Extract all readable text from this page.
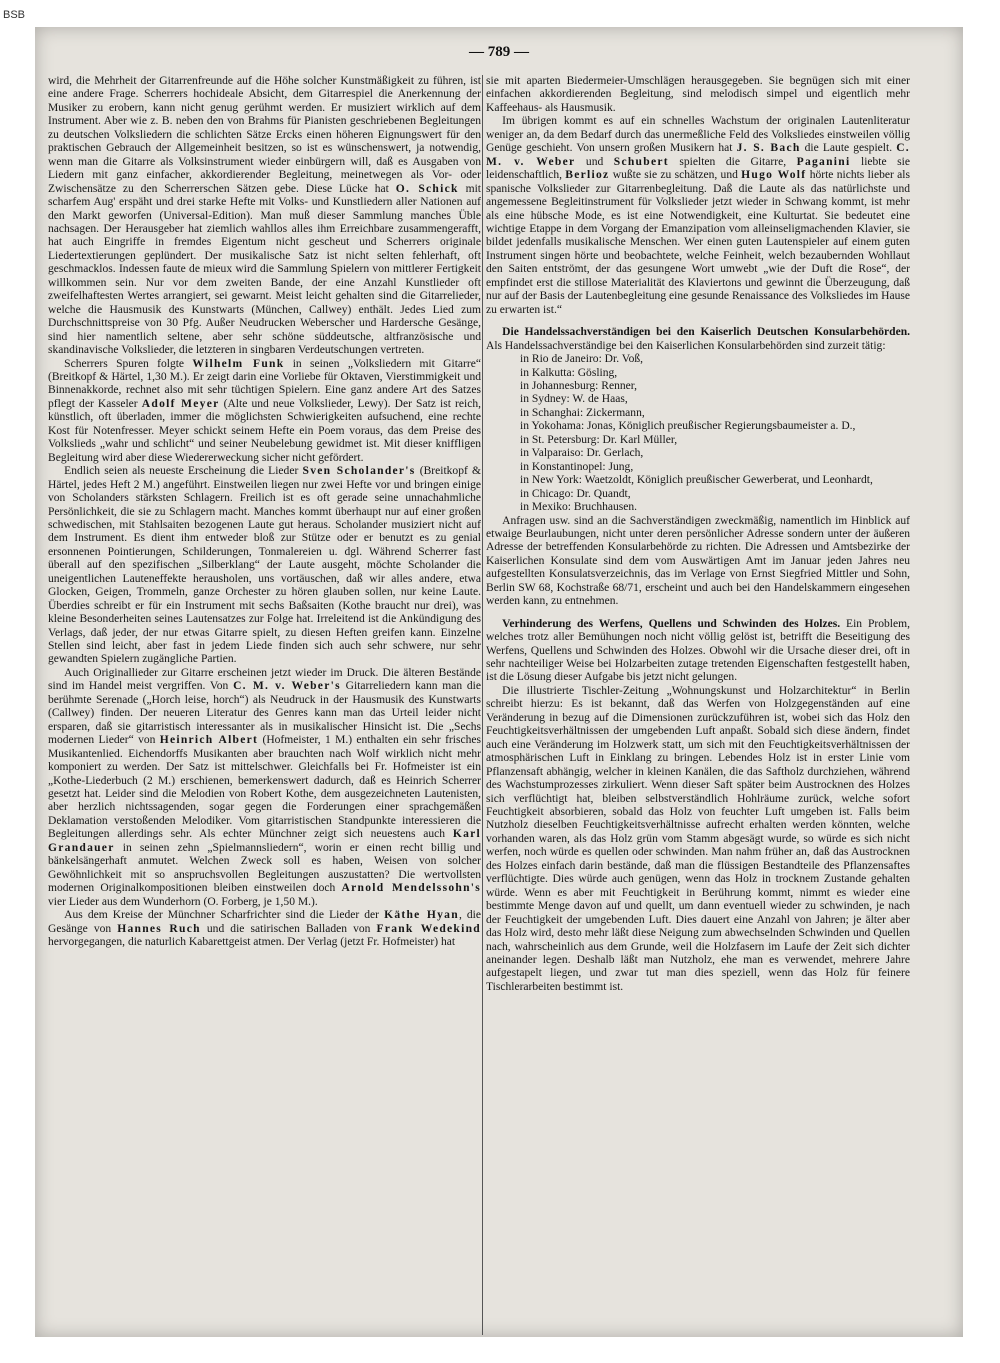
BSB
— 789 —

wird, die Mehrheit der Gitarrenfreunde auf die Höhe solcher Kunstmäßigkeit zu führen, ist eine andere Frage. Scherrers hochideale Absicht, dem Gitarrespiel die Anerkennung der Musiker zu erobern, kann nicht genug gerühmt werden. Er musiziert wirklich auf dem Instrument. Aber wie z. B. neben den von Brahms für Pianisten geschriebenen Begleitungen zu deutschen Volksliedern die schlichten Sätze Ercks einen höheren Eignungswert für den praktischen Gebrauch der Allgemeinheit besitzen, so ist es wünschenswert, ja notwendig, wenn man die Gitarre als Volksinstrument wieder einbürgern will, daß es Ausgaben von Liedern mit ganz einfacher, akkordierender Begleitung, meinetwegen als Vor- oder Zwischensätze zu den Scherrerschen Sätzen gebe. Diese Lücke hat O. Schick mit scharfem Aug' erspäht und drei starke Hefte mit Volks- und Kunstliedern aller Nationen auf den Markt geworfen (Universal-Edition). Man muß dieser Sammlung manches Üble nachsagen. Der Herausgeber hat ziemlich wahllos alles ihm Erreichbare zusammengerafft, hat auch Eingriffe in fremdes Eigentum nicht gescheut und Scherrers originale Liedertextierungen geplündert. Der musikalische Satz ist nicht selten fehlerhaft, oft geschmacklos. Indessen faute de mieux wird die Sammlung Spielern von mittlerer Fertigkeit willkommen sein. Nur vor dem zweiten Bande, der eine Anzahl Kunstlieder oft zweifelhaftesten Wertes arrangiert, sei gewarnt. Meist leicht gehalten sind die Gitarrelieder, welche die Hausmusik des Kunstwarts (München, Callwey) enthält. Jedes Lied zum Durchschnittspreise von 30 Pfg. Außer Neudrucken Weberscher und Hardersche Gesänge, sind hier namentlich seltene, aber sehr schöne süddeutsche, altfranzösische und skandinavische Volkslieder, die letzteren in singbaren Verdeutschungen vertreten.

Scherrers Spuren folgte Wilhelm Funk in seinen „Volksliedern mit Gitarre“ (Breitkopf & Härtel, 1,30 M.). Er zeigt darin eine Vorliebe für Oktaven, Vierstimmigkeit und Binnenakkorde, rechnet also mit sehr tüchtigen Spielern. Eine ganz andere Art des Satzes pflegt der Kasseler Adolf Meyer (Alte und neue Volkslieder, Lewy). Der Satz ist reich, künstlich, oft überladen, immer die möglichsten Schwierigkeiten aufsuchend, eine rechte Kost für Notenfresser. Meyer schickt seinem Hefte ein Poem voraus, das dem Preise des Volkslieds „wahr und schlicht“ und seiner Neubelebung gewidmet ist. Mit dieser kniffligen Begleitung wird aber diese Wiedererweckung sicher nicht gefördert.

Endlich seien als neueste Erscheinung die Lieder Sven Scholander's (Breitkopf & Härtel, jedes Heft 2 M.) angeführt. Einstweilen liegen nur zwei Hefte vor und bringen einige von Scholanders stärksten Schlagern. Freilich ist es oft gerade seine unnachahmliche Persönlichkeit, die sie zu Schlagern macht. Manches kommt überhaupt nur auf einer großen schwedischen, mit Stahlsaiten bezogenen Laute gut heraus. Scholander musiziert nicht auf dem Instrument. Es dient ihm entweder bloß zur Stütze oder er benutzt es zu genial ersonnenen Pointierungen, Schilderungen, Tonmalereien u. dgl. Während Scherrer fast überall auf den spezifischen „Silberklang“ der Laute ausgeht, möchte Scholander die uneigentlichen Lauteneffekte herausholen, uns vortäuschen, daß wir alles andere, etwa Glocken, Geigen, Trommeln, ganze Orchester zu hören glauben sollen, nur keine Laute. Überdies schreibt er für ein Instrument mit sechs Baßsaiten (Kothe braucht nur drei), was kleine Besonderheiten seines Lautensatzes zur Folge hat. Irreleitend ist die Ankündigung des Verlags, daß jeder, der nur etwas Gitarre spielt, zu diesen Heften greifen kann. Einzelne Stellen sind leicht, aber fast in jedem Liede finden sich auch sehr schwere, nur sehr gewandten Spielern zugängliche Partien.

Auch Originallieder zur Gitarre erscheinen jetzt wieder im Druck. Die älteren Bestände sind im Handel meist vergriffen. Von C. M. v. Weber's Gitarreliedern kann man die berühmte Serenade („Horch leise, horch“) als Neudruck in der Hausmusik des Kunstwarts (Callwey) finden. Der neueren Literatur des Genres kann man das Urteil leider nicht ersparen, daß sie gitarristisch interessanter als in musikalischer Hinsicht ist. Die „Sechs modernen Lieder“ von Heinrich Albert (Hofmeister, 1 M.) enthalten ein sehr frisches Musikantenlied. Eichendorffs Musikanten aber brauchten nach Wolf wirklich nicht mehr komponiert zu werden. Der Satz ist mittelschwer. Gleichfalls bei Fr. Hofmeister ist ein „Kothe-Liederbuch (2 M.) erschienen, bemerkenswert dadurch, daß es Heinrich Scherrer gesetzt hat. Leider sind die Melodien von Robert Kothe, dem ausgezeichneten Lautenisten, aber herzlich nichtssagenden, sogar gegen die Forderungen einer sprachgemäßen Deklamation verstoßenden Melodiker. Vom gitarristischen Standpunkte interessieren die Begleitungen allerdings sehr. Als echter Münchner zeigt sich neuestens auch Karl Grandauer in seinen zehn „Spielmannsliedern“, worin er einen recht billig und bänkelsängerhaft anmutet. Welchen Zweck soll es haben, Weisen von solcher Gewöhnlichkeit mit so anspruchsvollen Begleitungen auszustatten? Die wertvollsten modernen Originalkompositionen bleiben einstweilen doch Arnold Mendelssohn's vier Lieder aus dem Wunderhorn (O. Forberg, je 1,50 M.).

Aus dem Kreise der Münchner Scharfrichter sind die Lieder der Käthe Hyan, die Gesänge von Hannes Ruch und die satirischen Balladen von Frank Wedekind hervorgegangen, die naturlich Kabarettgeist atmen. Der Verlag (jetzt Fr. Hofmeister) hat

sie mit aparten Biedermeier-Umschlägen herausgegeben. Sie begnügen sich mit einer einfachen akkordierenden Begleitung, sind melodisch simpel und eigentlich mehr Kaffeehaus- als Hausmusik.

Im übrigen kommt es auf ein schnelles Wachstum der originalen Lautenliteratur weniger an, da dem Bedarf durch das unermeßliche Feld des Volksliedes einstweilen völlig Genüge geschieht. Von unsern großen Musikern hat J. S. Bach die Laute gespielt. C. M. v. Weber und Schubert spielten die Gitarre, Paganini liebte sie leidenschaftlich, Berlioz wußte sie zu schätzen, und Hugo Wolf hörte nichts lieber als spanische Volkslieder zur Gitarrenbegleitung. Daß die Laute als das natürlichste und angemessene Begleitinstrument für Volkslieder jetzt wieder in Schwang kommt, ist mehr als eine hübsche Mode, es ist eine Notwendigkeit, eine Kulturtat. Sie bedeutet eine wichtige Etappe in dem Vorgang der Emanzipation vom alleinseligmachenden Klavier, sie bildet jedenfalls musikalische Menschen. Wer einen guten Lautenspieler auf einem guten Instrument singen hörte und beobachtete, welche Feinheit, welch bezaubernden Wohllaut den Saiten entströmt, der das gesungene Wort umwebt „wie der Duft die Rose“, der empfindet erst die stillose Materialität des Klaviertons und gewinnt die Überzeugung, daß nur auf der Basis der Lautenbegleitung eine gesunde Renaissance des Volksliedes im Hause zu erwarten ist.“

Die Handelssachverständigen bei den Kaiserlich Deutschen Konsularbehörden. Als Handelssachverständige bei den Kaiserlichen Konsularbehörden sind zurzeit tätig:

in Rio de Janeiro: Dr. Voß,
in Kalkutta: Gösling,
in Johannesburg: Renner,
in Sydney: W. de Haas,
in Schanghai: Zickermann,
in Yokohama: Jonas, Königlich preußischer Regierungsbaumeister a. D.,
in St. Petersburg: Dr. Karl Müller,
in Valparaiso: Dr. Gerlach,
in Konstantinopel: Jung,
in New York: Waetzoldt, Königlich preußischer Gewerberat, und Leonhardt,
in Chicago: Dr. Quandt,
in Mexiko: Bruchhausen.

Anfragen usw. sind an die Sachverständigen zweckmäßig, namentlich im Hinblick auf etwaige Beurlaubungen, nicht unter deren persönlicher Adresse sondern unter der äußeren Adresse der betreffenden Konsularbehörde zu richten. Die Adressen und Amtsbezirke der Kaiserlichen Konsulate sind dem vom Auswärtigen Amt im Januar jeden Jahres neu aufgestellten Konsulatsverzeichnis, das im Verlage von Ernst Siegfried Mittler und Sohn, Berlin SW 68, Kochstraße 68/71, erscheint und auch bei den Handelskammern eingesehen werden kann, zu entnehmen.

Verhinderung des Werfens, Quellens und Schwinden des Holzes. Ein Problem, welches trotz aller Bemühungen noch nicht völlig gelöst ist, betrifft die Beseitigung des Werfens, Quellens und Schwinden des Holzes. Obwohl wir die Ursache dieser drei, oft in sehr nachteiliger Weise bei Holzarbeiten zutage tretenden Eigenschaften festgestellt haben, ist die Lösung dieser Aufgabe bis jetzt nicht gelungen.

Die illustrierte Tischler-Zeitung „Wohnungskunst und Holzarchitektur“ in Berlin schreibt hierzu: Es ist bekannt, daß das Werfen von Holzgegenständen auf eine Veränderung in bezug auf die Dimensionen zurückzuführen ist, wobei sich das Holz den Feuchtigkeitsverhältnissen der umgebenden Luft anpaßt. Sobald sich diese ändern, findet auch eine Veränderung im Holzwerk statt, um sich mit den Feuchtigkeitsverhältnissen der atmosphärischen Luft in Einklang zu bringen. Lebendes Holz ist in erster Linie vom Pflanzensaft abhängig, welcher in kleinen Kanälen, die das Saftholz durchziehen, während des Wachstumprozesses zirkuliert. Wenn dieser Saft später beim Austrocknen des Holzes sich verflüchtigt hat, bleiben selbstverständlich Hohlräume zurück, welche sofort Feuchtigkeit absorbieren, sobald das Holz von feuchter Luft umgeben ist. Falls beim Nutzholz dieselben Feuchtigkeitsverhältnisse aufrecht erhalten werden könnten, welche vorhanden waren, als das Holz grün vom Stamm abgesägt wurde, so würde es sich nicht werfen, noch würde es quellen oder schwinden. Man nahm früher an, daß das Austrocknen des Holzes einfach darin bestände, daß man die flüssigen Bestandteile des Pflanzensaftes verflüchtigte. Dies würde auch genügen, wenn das Holz in trocknem Zustande gehalten würde. Wenn es aber mit Feuchtigkeit in Berührung kommt, nimmt es wieder eine bestimmte Menge davon auf und quellt, um dann eventuell wieder zu schwinden, je nach der Feuchtigkeit der umgebenden Luft. Dies dauert eine Anzahl von Jahren; je älter aber das Holz wird, desto mehr läßt diese Neigung zum abwechselnden Schwinden und Quellen nach, wahrscheinlich aus dem Grunde, weil die Holzfasern im Laufe der Zeit sich dichter aneinander legen. Deshalb läßt man Nutzholz, ehe man es verwendet, mehrere Jahre aufgestapelt liegen, und zwar tut man dies speziell, wenn das Holz für feinere Tischlerarbeiten bestimmt ist.
